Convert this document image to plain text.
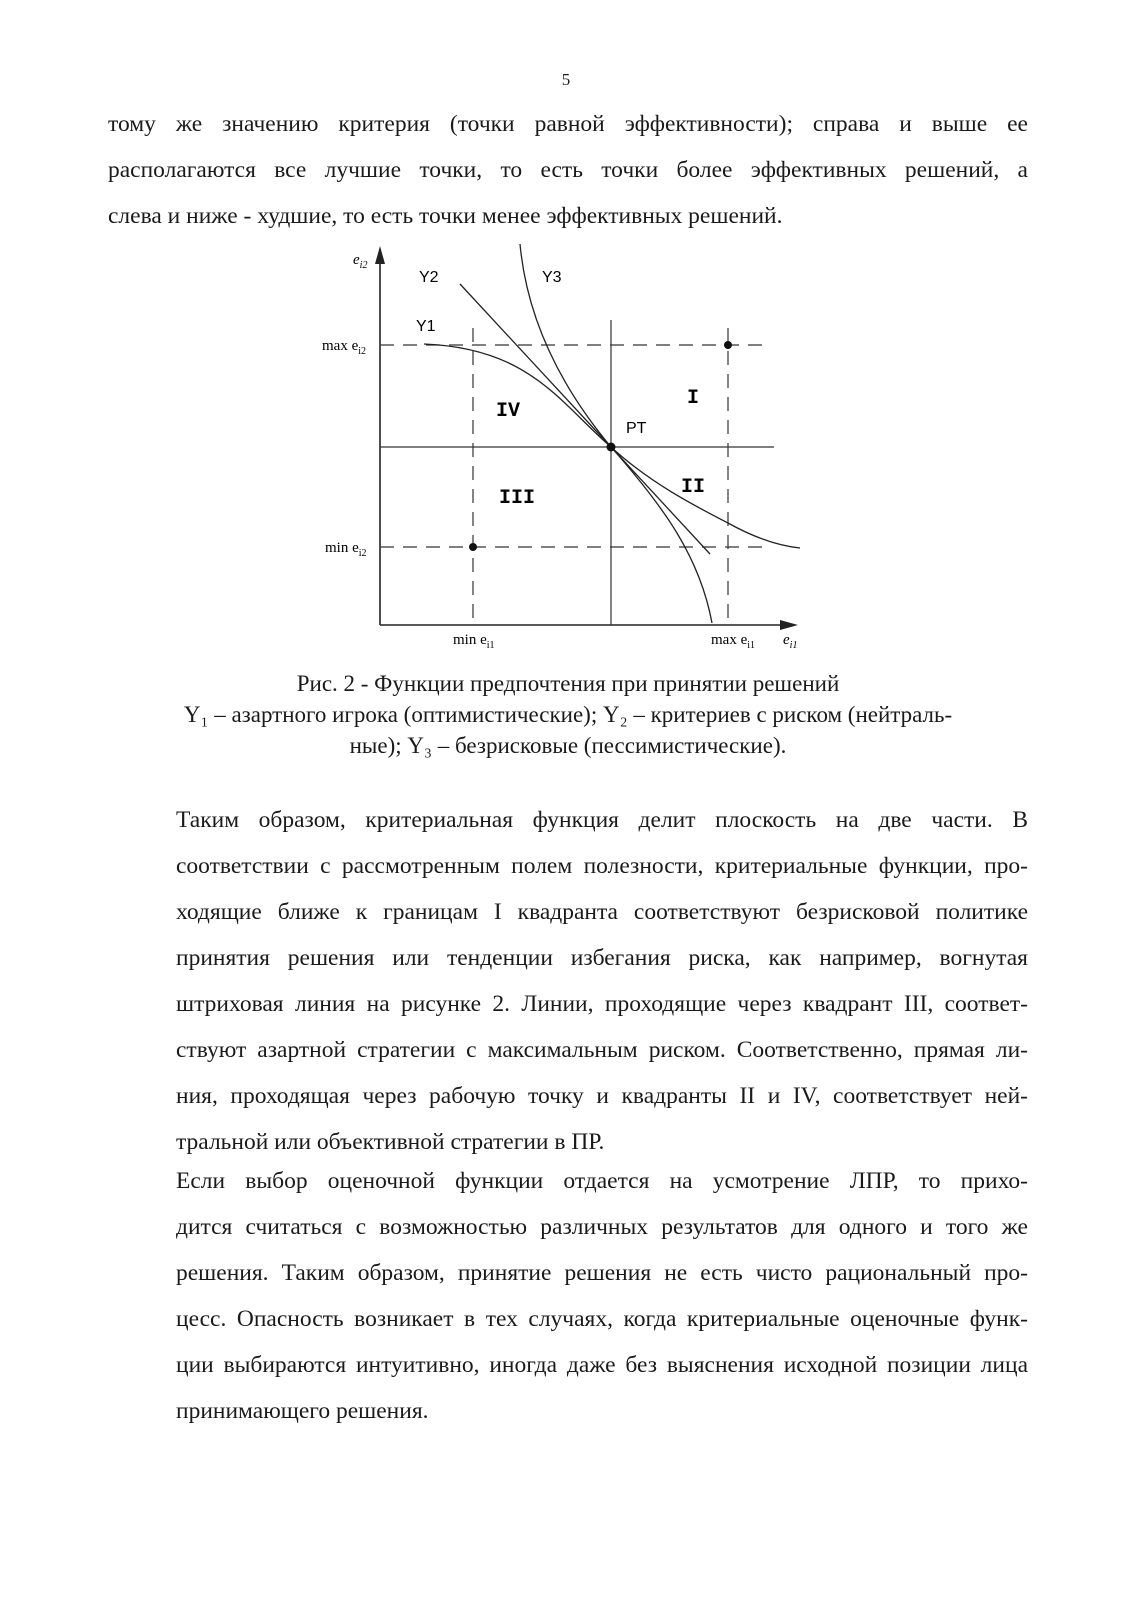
5

тому же значению критерия (точки равной эффективности); справа и выше ее
располагаются все лучшие точки, то есть точки более эффективных решений, а
слева и ниже - худшие, то есть точки менее эффективных решений.

Y2	Y3
Y1
PT
IV
I
III	II
$e_{i2}$
$\max e_{i2}$
$\min e_{i2}$
$\min e_{i1}$	$\max e_{i1}$ $e_{i1}$

Рис. 2 - Функции предпочтения при принятии решений
Y₁ – азартного игрока (оптимистические); Y₂ – критериев с риском (нейтраль-
ные); Y₃ – безрисковые (пессимистические).

Таким образом, критериальная функция делит плоскость на две части. В
соответствии с рассмотренным полем полезности, критериальные функции, про-
ходящие ближе к границам I квадранта соответствуют безрисковой политике
принятия решения или тенденции избегания риска, как например, вогнутая
штриховая линия на рисунке 2. Линии, проходящие через квадрант III, соответ-
ствуют азартной стратегии с максимальным риском. Соответственно, прямая ли-
ния, проходящая через рабочую точку и квадранты II и IV, соответствует ней-
тральной или объективной стратегии в ПР.

Если выбор оценочной функции отдается на усмотрение ЛПР, то прихо-
дится считаться с возможностью различных результатов для одного и того же
решения. Таким образом, принятие решения не есть чисто рациональный про-
цесс. Опасность возникает в тех случаях, когда критериальные оценочные функ-
ции выбираются интуитивно, иногда даже без выяснения исходной позиции лица
принимающего решения.
